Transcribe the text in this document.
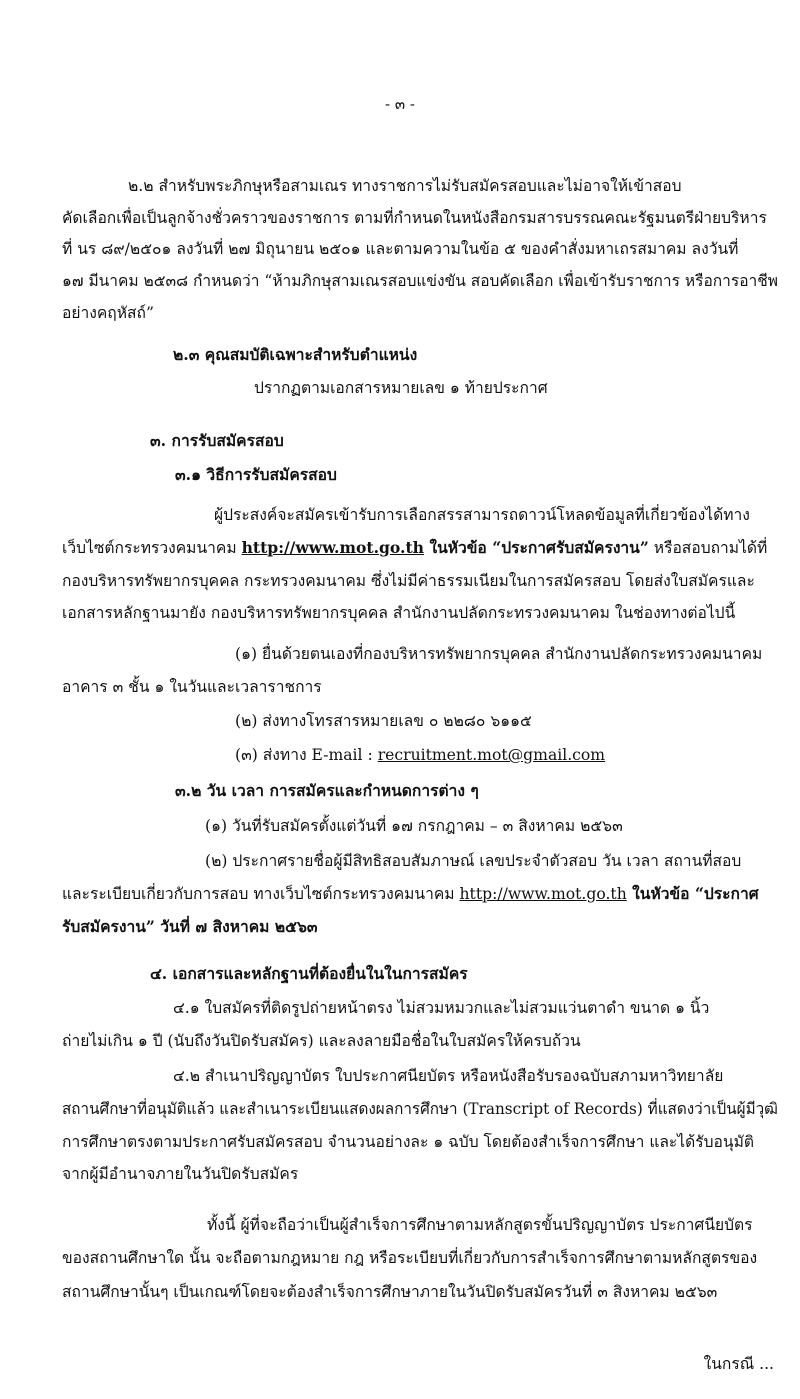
- ๓ -
๒.๒ สำหรับพระภิกษุหรือสามเณร ทางราชการไม่รับสมัครสอบและไม่อาจให้เข้าสอบ
คัดเลือกเพื่อเป็นลูกจ้างชั่วคราวของราชการ ตามที่กำหนดในหนังสือกรมสารบรรณคณะรัฐมนตรีฝ่ายบริหาร
ที่ นร ๘๙/๒๕๐๑ ลงวันที่ ๒๗ มิถุนายน ๒๕๐๑ และตามความในข้อ ๕ ของคำสั่งมหาเถรสมาคม ลงวันที่
๑๗ มีนาคม ๒๕๓๘ กำหนดว่า “ห้ามภิกษุสามเณรสอบแข่งขัน สอบคัดเลือก เพื่อเข้ารับราชการ หรือการอาชีพ
อย่างคฤหัสถ์”
๒.๓ คุณสมบัติเฉพาะสำหรับตำแหน่ง
ปรากฏตามเอกสารหมายเลข ๑ ท้ายประกาศ
๓. การรับสมัครสอบ
๓.๑ วิธีการรับสมัครสอบ
ผู้ประสงค์จะสมัครเข้ารับการเลือกสรรสามารถดาวน์โหลดข้อมูลที่เกี่ยวข้องได้ทาง
เว็บไซต์กระทรวงคมนาคม http://www.mot.go.th ในหัวข้อ “ประกาศรับสมัครงาน” หรือสอบถามได้ที่
กองบริหารทรัพยากรบุคคล กระทรวงคมนาคม ซึ่งไม่มีค่าธรรมเนียมในการสมัครสอบ โดยส่งใบสมัครและ
เอกสารหลักฐานมายัง กองบริหารทรัพยากรบุคคล สำนักงานปลัดกระทรวงคมนาคม ในช่องทางต่อไปนี้
(๑) ยื่นด้วยตนเองที่กองบริหารทรัพยากรบุคคล สำนักงานปลัดกระทรวงคมนาคม
อาคาร ๓ ชั้น ๑ ในวันและเวลาราชการ
(๒) ส่งทางโทรสารหมายเลข ๐ ๒๒๘๐ ๖๑๑๕
(๓) ส่งทาง E-mail : recruitment.mot@gmail.com
๓.๒ วัน เวลา การสมัครและกำหนดการต่าง ๆ
(๑) วันที่รับสมัครตั้งแต่วันที่ ๑๗ กรกฎาคม – ๓ สิงหาคม ๒๕๖๓
(๒) ประกาศรายชื่อผู้มีสิทธิสอบสัมภาษณ์ เลขประจำตัวสอบ วัน เวลา สถานที่สอบ
และระเบียบเกี่ยวกับการสอบ ทางเว็บไซต์กระทรวงคมนาคม http://www.mot.go.th ในหัวข้อ “ประกาศ
รับสมัครงาน” วันที่ ๗ สิงหาคม ๒๕๖๓
๔. เอกสารและหลักฐานที่ต้องยื่นในในการสมัคร
๔.๑ ใบสมัครที่ติดรูปถ่ายหน้าตรง ไม่สวมหมวกและไม่สวมแว่นตาดำ ขนาด ๑ นิ้ว
ถ่ายไม่เกิน ๑ ปี (นับถึงวันปิดรับสมัคร) และลงลายมือชื่อในใบสมัครให้ครบถ้วน
๔.๒ สำเนาปริญญาบัตร ใบประกาศนียบัตร หรือหนังสือรับรองฉบับสภามหาวิทยาลัย
สถานศึกษาที่อนุมัติแล้ว และสำเนาระเบียนแสดงผลการศึกษา (Transcript of Records) ที่แสดงว่าเป็นผู้มีวุฒิ
การศึกษาตรงตามประกาศรับสมัครสอบ จำนวนอย่างละ ๑ ฉบับ โดยต้องสำเร็จการศึกษา และได้รับอนุมัติ
จากผู้มีอำนาจภายในวันปิดรับสมัคร
ทั้งนี้ ผู้ที่จะถือว่าเป็นผู้สำเร็จการศึกษาตามหลักสูตรขั้นปริญญาบัตร ประกาศนียบัตร
ของสถานศึกษาใด นั้น จะถือตามกฎหมาย กฎ หรือระเบียบที่เกี่ยวกับการสำเร็จการศึกษาตามหลักสูตรของ
สถานศึกษานั้นๆ เป็นเกณฑ์โดยจะต้องสำเร็จการศึกษาภายในวันปิดรับสมัครวันที่ ๓ สิงหาคม ๒๕๖๓
ในกรณี ...
